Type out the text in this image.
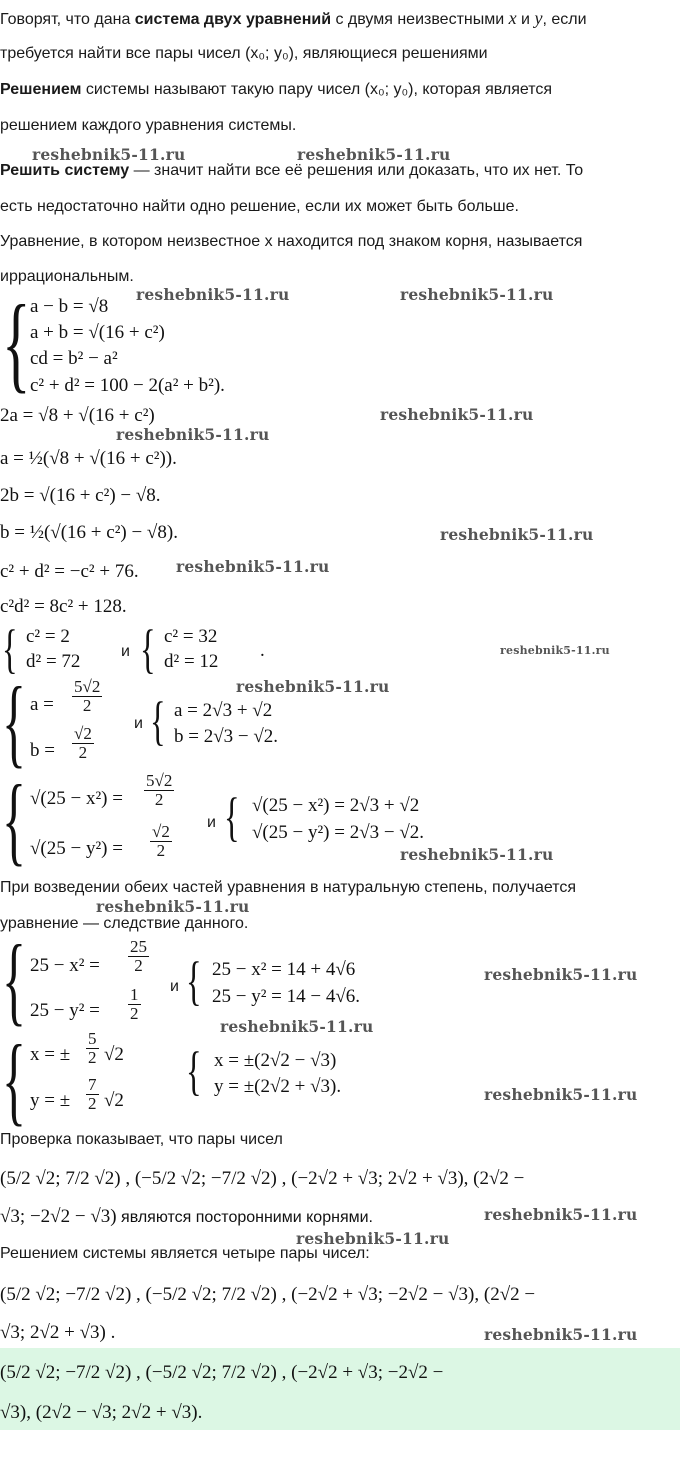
Говорят, что дана система двух уравнений с двумя неизвестными x и y, если
требуется найти все пары чисел (x₀; y₀), являющиеся решениями
Решением системы называют такую пару чисел (x₀; y₀), которая является
решением каждого уравнения системы.
Решить систему — значит найти все её решения или доказать, что их нет. То
есть недостаточно найти одно решение, если их может быть больше.
Уравнение, в котором неизвестное x находится под знаком корня, называется
иррациональным.
reshebnik5-11.ru	reshebnik5-11.ru
reshebnik5-11.ru	reshebnik5-11.ru
reshebnik5-11.ru
reshebnik5-11.ru
reshebnik5-11.ru
reshebnik5-11.ru
reshebnik5-11.ru
reshebnik5-11.ru
reshebnik5-11.ru
reshebnik5-11.ru
reshebnik5-11.ru
reshebnik5-11.ru
reshebnik5-11.ru
reshebnik5-11.ru
reshebnik5-11.ru
reshebnik5-11.ru
{ a − b = √8
a + b = √(16 + c²)
cd = b² − a²
c² + d² = 100 − 2(a² + b²).
2a = √8 + √(16 + c²)
a = ½(√8 + √(16 + c²)).
2b = √(16 + c²) − √8.
b = ½(√(16 + c²) − √8).
c² + d² = −c² + 76.
c²d² = 8c² + 128.
{ c² = 2
d² = 72	и { c² = 32
d² = 12
.
{ $a = \frac{5√2}{2}$
$b = \frac{√2}{2}$
и { a = 2√3 + √2
b = 2√3 − √2.
{ $√(25 - x^2) = \frac{5√2}{2}$
$√(25 - y^2) = \frac{√2}{2}$
и { √(25 − x²) = 2√3 + √2
√(25 − y²) = 2√3 − √2.
При возведении обеих частей уравнения в натуральную степень, получается
уравнение — следствие данного.
{ $25 - x^2 = \frac{25}{2}$
$25 - y^2 = \frac{1}{2}$ и { 25 − x² = 14 + 4√6
25 − y² = 14 − 4√6.
{ x = ± $\frac{5}{2} √2$
y = ± $\frac{7}{2} √2$ { x = ±(2√2 − √3)
y = ±(2√2 + √3).
Проверка показывает, что пары чисел
(5/2 √2; 7/2 √2) , (−5/2 √2; −7/2 √2) , (−2√2 + √3; 2√2 + √3), (2√2 −
√3; −2√2 − √3) являются посторонними корнями.
Решением системы является четыре пары чисел:
(5/2 √2; −7/2 √2) , (−5/2 √2; 7/2 √2) , (−2√2 + √3; −2√2 − √3), (2√2 −
√3; 2√2 + √3) .
(5/2 √2; −7/2 √2) , (−5/2 √2; 7/2 √2) , (−2√2 + √3; −2√2 −
√3), (2√2 − √3; 2√2 + √3).
